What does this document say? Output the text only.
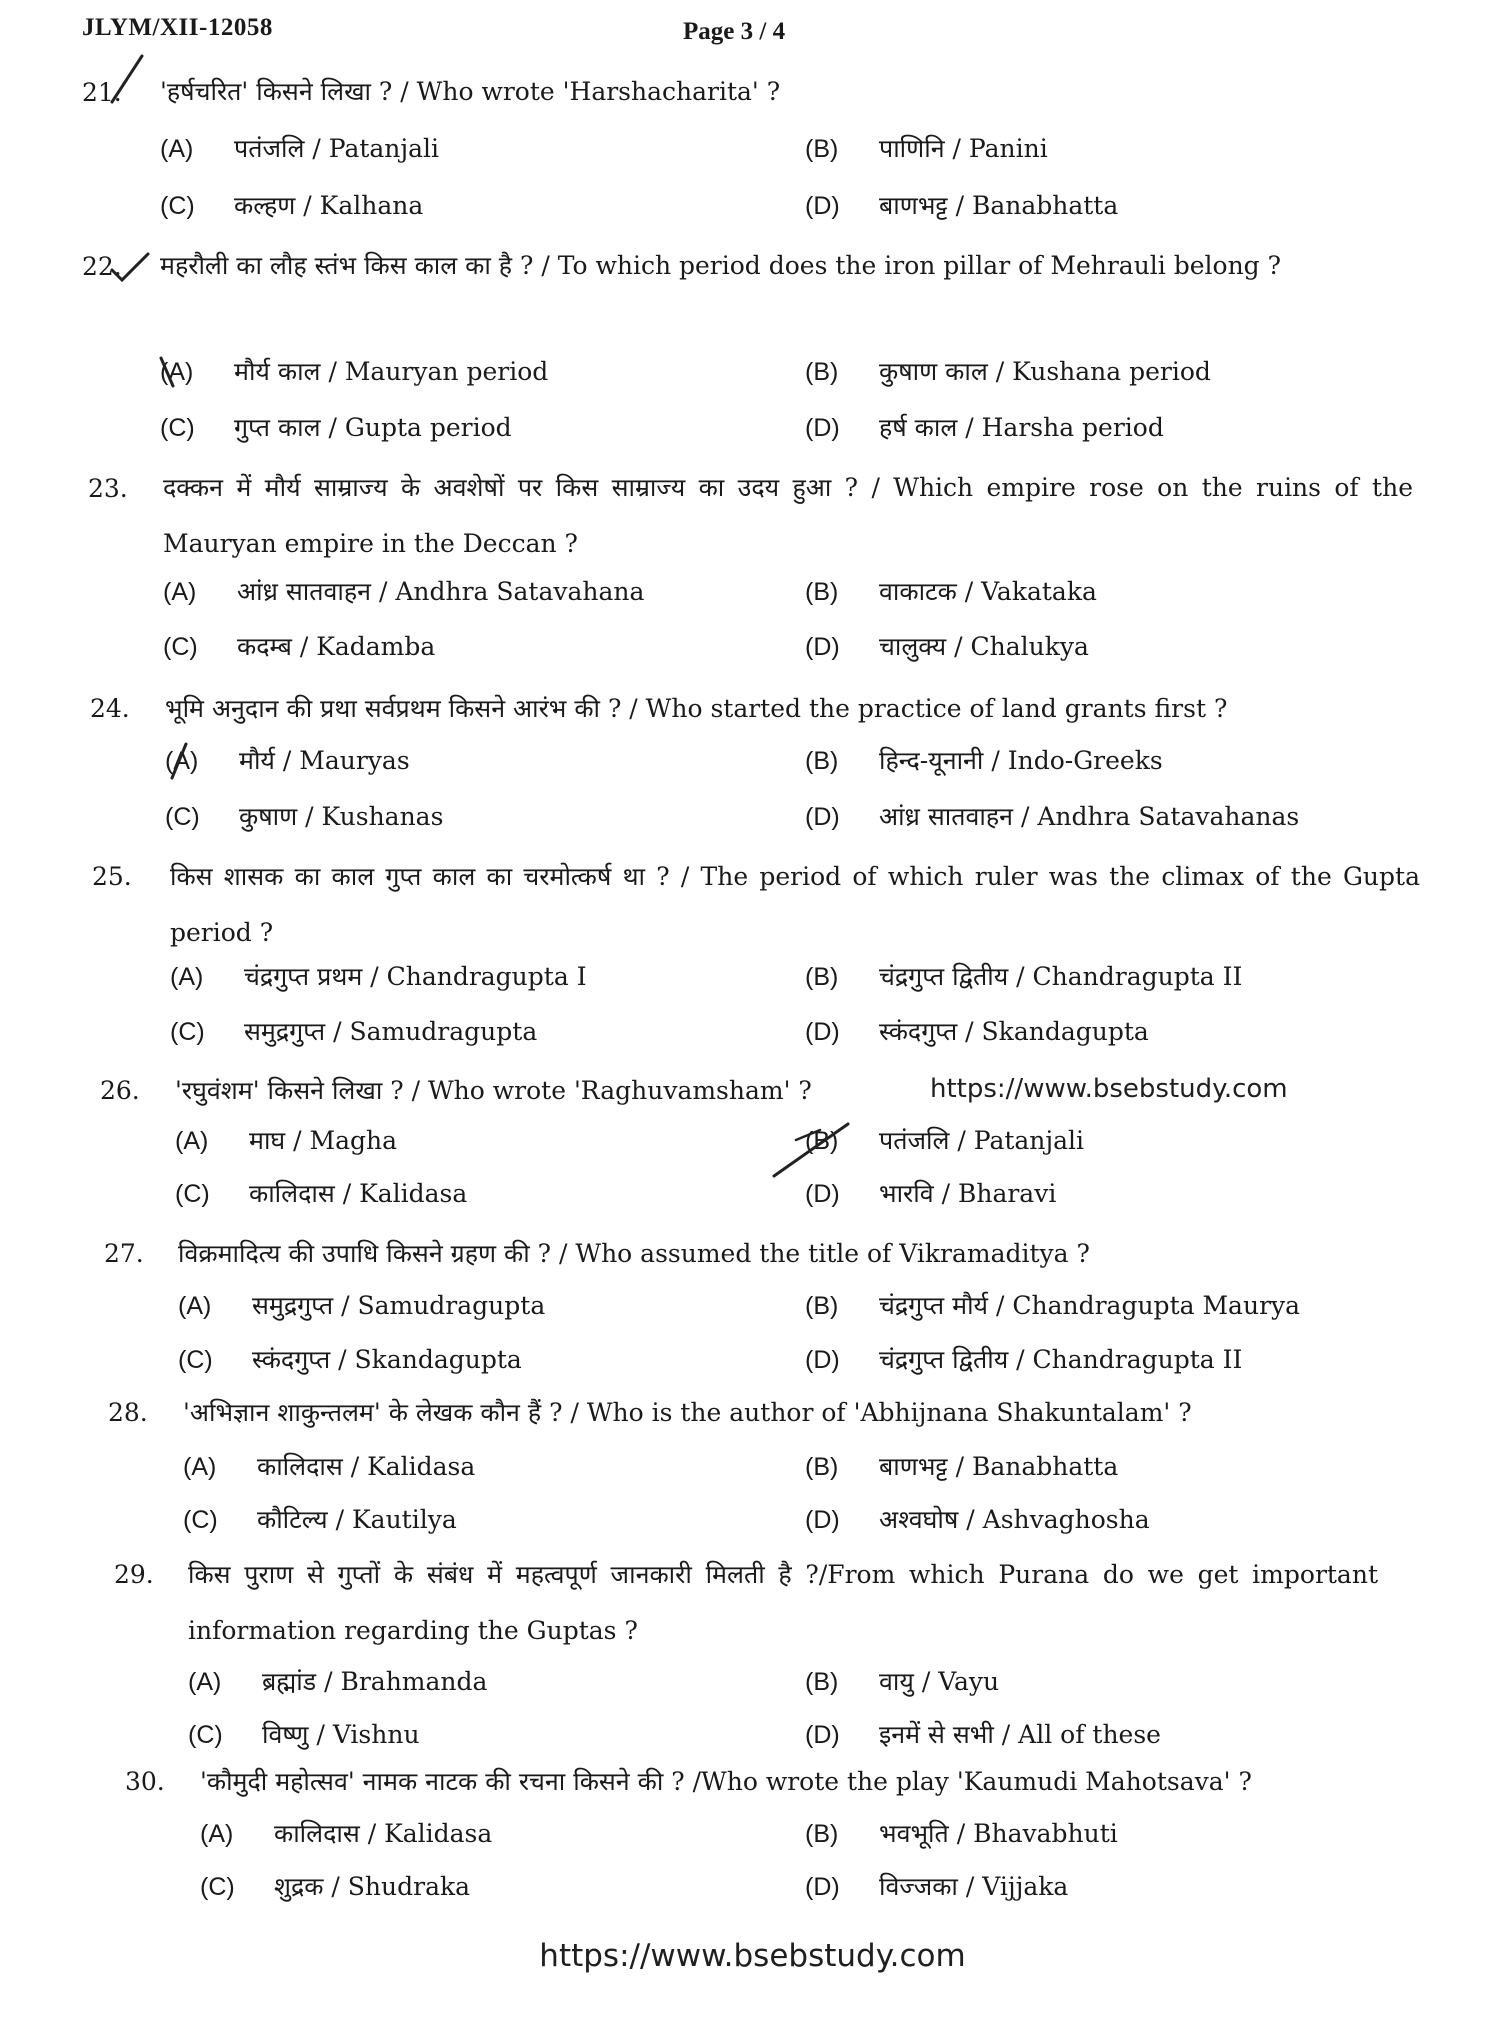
JLYM/XII-12058	Page 3 / 4
21. 'हर्षचरित' किसने लिखा ? / Who wrote 'Harshacharita' ?
(A) पतंजलि / Patanjali	(B) पाणिनि / Panini
(C) कल्हण / Kalhana	(D) बाणभट्ट / Banabhatta
22. महरौली का लौह स्तंभ किस काल का है ? / To which period does the iron pillar of Mehrauli belong ?
(A) मौर्य काल / Mauryan period	(B) कुषाण काल / Kushana period
(C) गुप्त काल / Gupta period	(D) हर्ष काल / Harsha period
23. दक्कन में मौर्य साम्राज्य के अवशेषों पर किस साम्राज्य का उदय हुआ ? / Which empire rose on the ruins of the Mauryan empire in the Deccan ?
(A) आंध्र सातवाहन / Andhra Satavahana	(B) वाकाटक / Vakataka
(C) कदम्ब / Kadamba	(D) चालुक्य / Chalukya
24. भूमि अनुदान की प्रथा सर्वप्रथम किसने आरंभ की ? / Who started the practice of land grants first ?
(A) मौर्य / Mauryas	(B) हिन्द-यूनानी / Indo-Greeks
(C) कुषाण / Kushanas	(D) आंध्र सातवाहन / Andhra Satavahanas
25. किस शासक का काल गुप्त काल का चरमोत्कर्ष था ? / The period of which ruler was the climax of the Gupta period ?
(A) चंद्रगुप्त प्रथम / Chandragupta I	(B) चंद्रगुप्त द्वितीय / Chandragupta II
(C) समुद्रगुप्त / Samudragupta	(D) स्कंदगुप्त / Skandagupta
26. 'रघुवंशम' किसने लिखा ? / Who wrote 'Raghuvamsham' ?
(A) माघ / Magha	(B) पतंजलि / Patanjali
(C) कालिदास / Kalidasa	(D) भारवि / Bharavi
https://www.bsebstudy.com
27. विक्रमादित्य की उपाधि किसने ग्रहण की ? / Who assumed the title of Vikramaditya ?
(A) समुद्रगुप्त / Samudragupta	(B) चंद्रगुप्त मौर्य / Chandragupta Maurya
(C) स्कंदगुप्त / Skandagupta	(D) चंद्रगुप्त द्वितीय / Chandragupta II
28. 'अभिज्ञान शाकुन्तलम' के लेखक कौन हैं ? / Who is the author of 'Abhijnana Shakuntalam' ?
(A) कालिदास / Kalidasa	(B) बाणभट्ट / Banabhatta
(C) कौटिल्य / Kautilya	(D) अश्वघोष / Ashvaghosha
29. किस पुराण से गुप्तों के संबंध में महत्वपूर्ण जानकारी मिलती है ?/From which Purana do we get important information regarding the Guptas ?
(A) ब्रह्मांड / Brahmanda	(B) वायु / Vayu
(C) विष्णु / Vishnu	(D) इनमें से सभी / All of these
30. 'कौमुदी महोत्सव' नामक नाटक की रचना किसने की ? /Who wrote the play 'Kaumudi Mahotsava' ?
(A) कालिदास / Kalidasa	(B) भवभूति / Bhavabhuti
(C) शुद्रक / Shudraka	(D) विज्जका / Vijjaka
https://www.bsebstudy.com
